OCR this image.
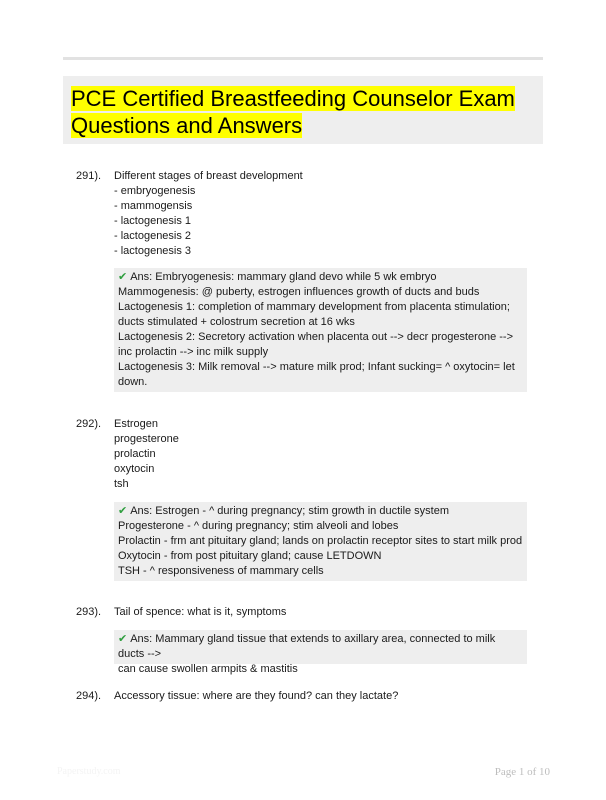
PCE Certified Breastfeeding Counselor Exam Questions and Answers
291). Different stages of breast development
- embryogenesis
- mammogensis
- lactogenesis 1
- lactogenesis 2
- lactogenesis 3
✔ Ans: Embryogenesis: mammary gland devo while 5 wk embryo
Mammogenesis: @ puberty, estrogen influences growth of ducts and buds
Lactogenesis 1: completion of mammary development from placenta stimulation; ducts stimulated + colostrum secretion at 16 wks
Lactogenesis 2: Secretory activation when placenta out --> decr progesterone --> inc prolactin --> inc milk supply
Lactogenesis 3: Milk removal --> mature milk prod; Infant sucking= ^ oxytocin= let down.
292). Estrogen
progesterone
prolactin
oxytocin
tsh
✔ Ans: Estrogen - ^ during pregnancy; stim growth in ductile system
Progesterone - ^ during pregnancy; stim alveoli and lobes
Prolactin - frm ant pituitary gland; lands on prolactin receptor sites to start milk prod
Oxytocin - from post pituitary gland; cause LETDOWN
TSH - ^ responsiveness of mammary cells
293). Tail of spence: what is it, symptoms
✔ Ans: Mammary gland tissue that extends to axillary area, connected to milk ducts -->
can cause swollen armpits & mastitis
294). Accessory tissue: where are they found? can they lactate?
Paperstudy.com	Page 1 of 10
